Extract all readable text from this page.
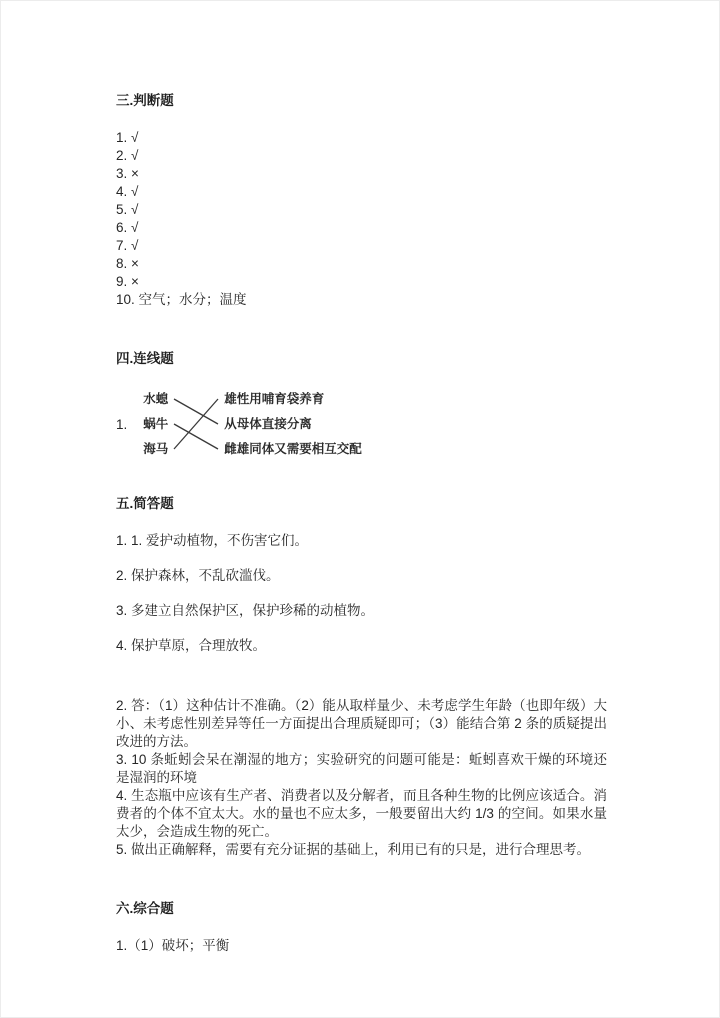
三.判断题
1. √
2. √
3. ×
4. √
5. √
6. √
7. √
8. ×
9. ×
10. 空气；水分；温度
四.连线题
1.
水螅
蜗牛
海马
雄性用哺育袋养育
从母体直接分离
雌雄同体又需要相互交配
五.简答题
1. 1. 爱护动植物，不伤害它们。
2. 保护森林，不乱砍滥伐。
3. 多建立自然保护区，保护珍稀的动植物。
4. 保护草原，合理放牧。

2. 答：（1）这种估计不准确。（2）能从取样量少、未考虑学生年龄（也即年级）大小、未考虑性别差异等任一方面提出合理质疑即可；（3）能结合第 2 条的质疑提出改进的方法。

3. 10 条蚯蚓会呆在潮湿的地方；实验研究的问题可能是：蚯蚓喜欢干燥的环境还是湿润的环境

4. 生态瓶中应该有生产者、消费者以及分解者，而且各种生物的比例应该适合。消费者的个体不宜太大。水的量也不应太多，一般要留出大约 1/3 的空间。如果水量太少，会造成生物的死亡。

5. 做出正确解释，需要有充分证据的基础上，利用已有的只是，进行合理思考。

六.综合题
1.（1）破坏；平衡
